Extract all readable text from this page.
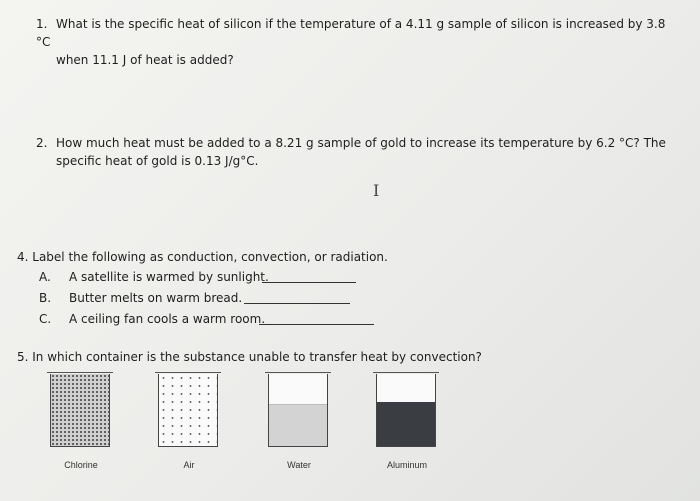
1. What is the specific heat of silicon if the temperature of a 4.11 g sample of silicon is increased by 3.8 °C
when 11.1 J of heat is added?
2. How much heat must be added to a 8.21 g sample of gold to increase its temperature by 6.2 °C? The
specific heat of gold is 0.13 J/g°C.
I
4. Label the following as conduction, convection, or radiation.
A. A satellite is warmed by sunlight.
B. Butter melts on warm bread.
C. A ceiling fan cools a warm room.
5. In which container is the substance unable to transfer heat by convection?
Chlorine	Air	Water	Aluminum
